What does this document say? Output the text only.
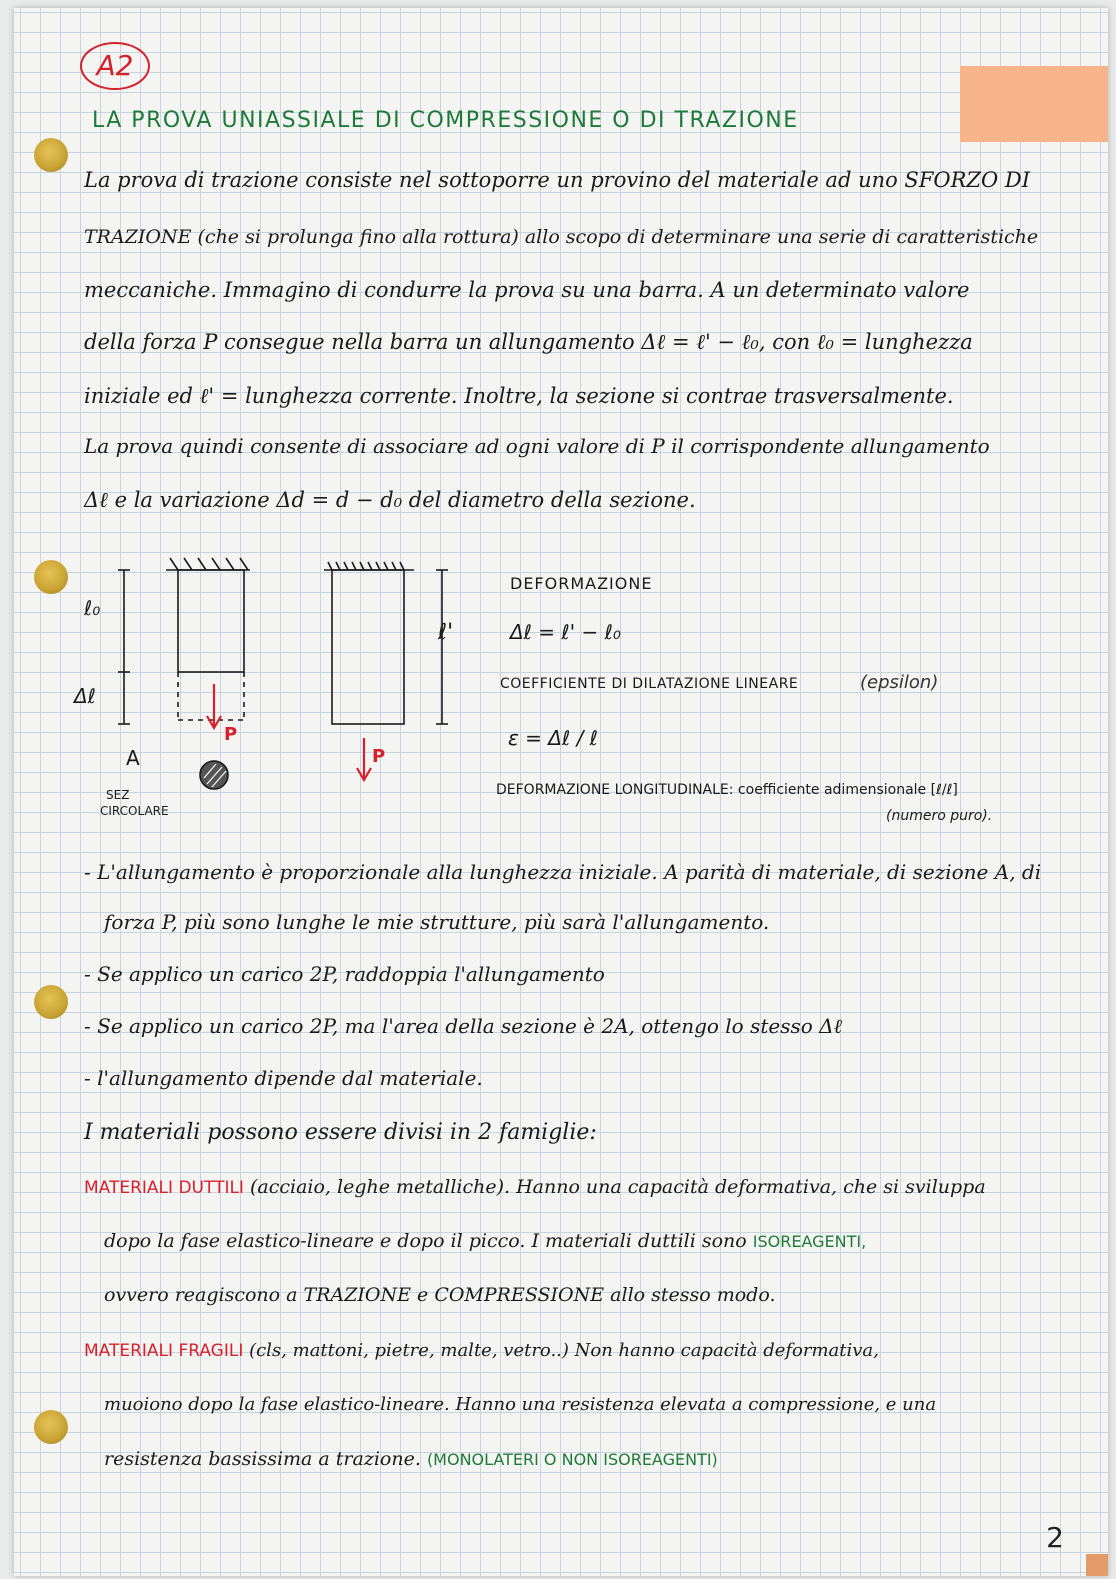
A2
LA PROVA UNIASSIALE DI COMPRESSIONE O DI TRAZIONE
La prova di trazione consiste nel sottoporre un provino del materiale ad uno SFORZO DI
TRAZIONE (che si prolunga fino alla rottura) allo scopo di determinare una serie di caratteristiche
meccaniche. Immagino di condurre la prova su una barra. A un determinato valore
della forza P consegue nella barra un allungamento Δℓ = ℓ' − ℓ₀, con ℓ₀ = lunghezza
iniziale ed ℓ' = lunghezza corrente. Inoltre, la sezione si contrae trasversalmente.
La prova quindi consente di associare ad ogni valore di P il corrispondente allungamento
Δℓ e la variazione Δd = d − d₀ del diametro della sezione.
ℓ₀
Δℓ
P
A
SEZ
CIRCOLARE
ℓ'
P
DEFORMAZIONE
Δℓ = ℓ' − ℓ₀
COEFFICIENTE DI DILATAZIONE LINEARE	(epsilon)
ε = Δℓ / ℓ
DEFORMAZIONE LONGITUDINALE: coefficiente adimensionale [ℓ/ℓ]
(numero puro).
- L'allungamento è proporzionale alla lunghezza iniziale. A parità di materiale, di sezione A, di
forza P, più sono lunghe le mie strutture, più sarà l'allungamento.
- Se applico un carico 2P, raddoppia l'allungamento
- Se applico un carico 2P, ma l'area della sezione è 2A, ottengo lo stesso Δℓ
- l'allungamento dipende dal materiale.
I materiali possono essere divisi in 2 famiglie:
MATERIALI DUTTILI (acciaio, leghe metalliche). Hanno una capacità deformativa, che si sviluppa
dopo la fase elastico-lineare e dopo il picco. I materiali duttili sono ISOREAGENTI,
ovvero reagiscono a TRAZIONE e COMPRESSIONE allo stesso modo.
MATERIALI FRAGILI (cls, mattoni, pietre, malte, vetro..) Non hanno capacità deformativa,
muoiono dopo la fase elastico-lineare. Hanno una resistenza elevata a compressione, e una
resistenza bassissima a trazione. (MONOLATERI O NON ISOREAGENTI)
2
